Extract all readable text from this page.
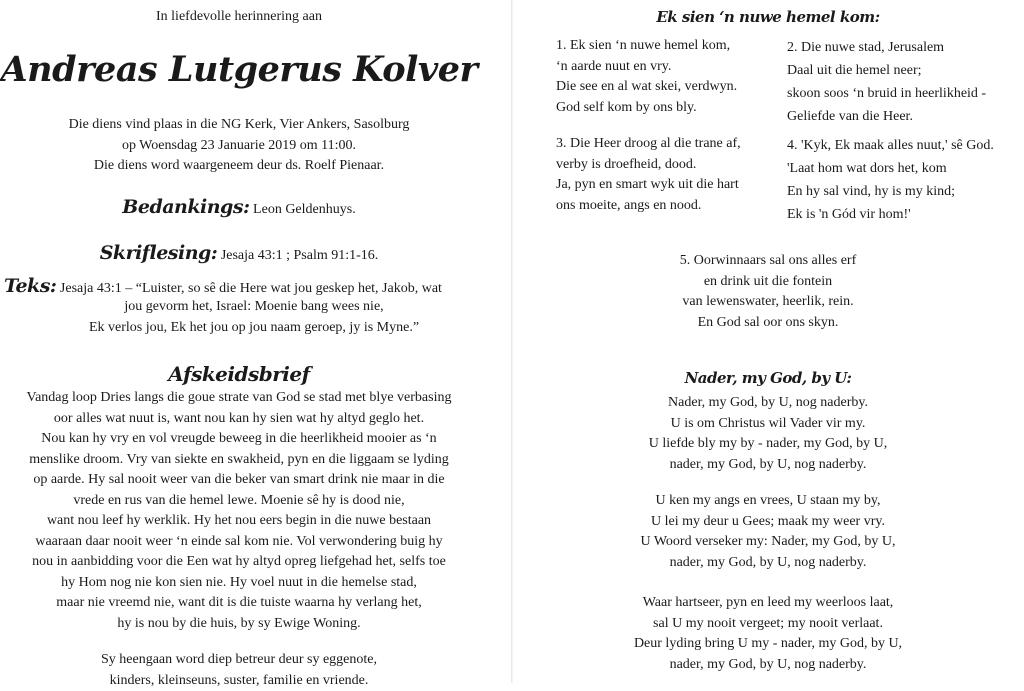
In liefdevolle herinnering aan
Andreas Lutgerus Kolver
Die diens vind plaas in die NG Kerk, Vier Ankers, Sasolburg
op Woensdag 23 Januarie 2019 om 11:00.
Die diens word waargeneem deur ds. Roelf Pienaar.
Bedankings: Leon Geldenhuys.
Skriflesing: Jesaja 43:1 ; Psalm 91:1-16.
Teks: Jesaja 43:1 – “Luister, so sê die Here wat jou geskep het, Jakob, wat
jou gevorm het, Israel: Moenie bang wees nie,
Ek verlos jou, Ek het jou op jou naam geroep, jy is Myne.”
Afskeidsbrief
Vandag loop Dries langs die goue strate van God se stad met blye verbasing
oor alles wat nuut is, want nou kan hy sien wat hy altyd geglo het.
Nou kan hy vry en vol vreugde beweeg in die heerlikheid mooier as ‘n
menslike droom. Vry van siekte en swakheid, pyn en die liggaam se lyding
op aarde. Hy sal nooit weer van die beker van smart drink nie maar in die
vrede en rus van die hemel lewe. Moenie sê hy is dood nie,
want nou leef hy werklik. Hy het nou eers begin in die nuwe bestaan
waaraan daar nooit weer ‘n einde sal kom nie. Vol verwondering buig hy
nou in aanbidding voor die Een wat hy altyd opreg liefgehad het, selfs toe
hy Hom nog nie kon sien nie. Hy voel nuut in die hemelse stad,
maar nie vreemd nie, want dit is die tuiste waarna hy verlang het,
hy is nou by die huis, by sy Ewige Woning.
Sy heengaan word diep betreur deur sy eggenote,
kinders, kleinseuns, suster, familie en vriende.
Ek sien ‘n nuwe hemel kom:
1. Ek sien ‘n nuwe hemel kom,
‘n aarde nuut en vry.
Die see en al wat skei, verdwyn.
God self kom by ons bly.
2. Die nuwe stad, Jerusalem
Daal uit die hemel neer;
skoon soos ‘n bruid in heerlikheid -
Geliefde van die Heer.
3. Die Heer droog al die trane af,
verby is droefheid, dood.
Ja, pyn en smart wyk uit die hart
ons moeite, angs en nood.
4. 'Kyk, Ek maak alles nuut,' sê God.
'Laat hom wat dors het, kom
En hy sal vind, hy is my kind;
Ek is 'n Gód vir hom!'
5. Oorwinnaars sal ons alles erf
en drink uit die fontein
van lewenswater, heerlik, rein.
En God sal oor ons skyn.
Nader, my God, by U:
Nader, my God, by U, nog naderby.
U is om Christus wil Vader vir my.
U liefde bly my by - nader, my God, by U,
nader, my God, by U, nog naderby.
U ken my angs en vrees, U staan my by,
U lei my deur u Gees; maak my weer vry.
U Woord verseker my: Nader, my God, by U,
nader, my God, by U, nog naderby.
Waar hartseer, pyn en leed my weerloos laat,
sal U my nooit vergeet; my nooit verlaat.
Deur lyding bring U my - nader, my God, by U,
nader, my God, by U, nog naderby.
